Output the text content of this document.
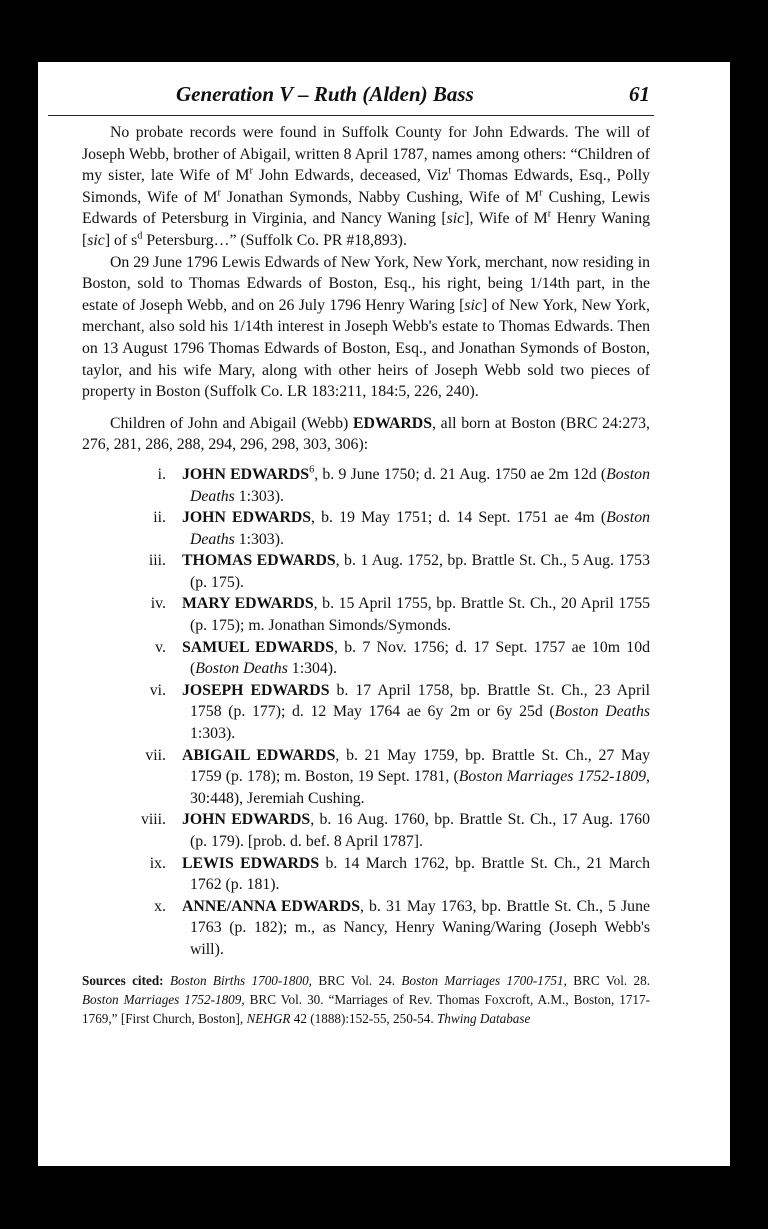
Generation V – Ruth (Alden) Bass	61

No probate records were found in Suffolk County for John Edwards. The will of Joseph Webb, brother of Abigail, written 8 April 1787, names among others: “Children of my sister, late Wife of $M^r$ John Edwards, deceased, Viz$^t$ Thomas Edwards, Esq., Polly Simonds, Wife of $M^r$ Jonathan Symonds, Nabby Cushing, Wife of $M^r$ Cushing, Lewis Edwards of Petersburg in Virginia, and Nancy Waning [sic], Wife of $M^r$ Henry Waning [sic] of $s^d$ Petersburg…” (Suffolk Co. PR #18,893).

On 29 June 1796 Lewis Edwards of New York, New York, merchant, now residing in Boston, sold to Thomas Edwards of Boston, Esq., his right, being 1/14th part, in the estate of Joseph Webb, and on 26 July 1796 Henry Waring [sic] of New York, New York, merchant, also sold his 1/14th interest in Joseph Webb's estate to Thomas Edwards. Then on 13 August 1796 Thomas Edwards of Boston, Esq., and Jonathan Symonds of Boston, taylor, and his wife Mary, along with other heirs of Joseph Webb sold two pieces of property in Boston (Suffolk Co. LR 183:211, 184:5, 226, 240).

Children of John and Abigail (Webb) EDWARDS, all born at Boston (BRC 24:273, 276, 281, 286, 288, 294, 296, 298, 303, 306):

i. JOHN EDWARDS$^6$, b. 9 June 1750; d. 21 Aug. 1750 ae 2m 12d (Boston Deaths 1:303).
ii. JOHN EDWARDS, b. 19 May 1751; d. 14 Sept. 1751 ae 4m (Boston Deaths 1:303).
iii. THOMAS EDWARDS, b. 1 Aug. 1752, bp. Brattle St. Ch., 5 Aug. 1753 (p. 175).
iv. MARY EDWARDS, b. 15 April 1755, bp. Brattle St. Ch., 20 April 1755 (p. 175); m. Jonathan Simonds/Symonds.
v. SAMUEL EDWARDS, b. 7 Nov. 1756; d. 17 Sept. 1757 ae 10m 10d (Boston Deaths 1:304).
vi. JOSEPH EDWARDS b. 17 April 1758, bp. Brattle St. Ch., 23 April 1758 (p. 177); d. 12 May 1764 ae 6y 2m or 6y 25d (Boston Deaths 1:303).
vii. ABIGAIL EDWARDS, b. 21 May 1759, bp. Brattle St. Ch., 27 May 1759 (p. 178); m. Boston, 19 Sept. 1781, (Boston Marriages 1752-1809, 30:448), Jeremiah Cushing.
viii. JOHN EDWARDS, b. 16 Aug. 1760, bp. Brattle St. Ch., 17 Aug. 1760 (p. 179). [prob. d. bef. 8 April 1787].
ix. LEWIS EDWARDS b. 14 March 1762, bp. Brattle St. Ch., 21 March 1762 (p. 181).
x. ANNE/ANNA EDWARDS, b. 31 May 1763, bp. Brattle St. Ch., 5 June 1763 (p. 182); m., as Nancy, Henry Waning/Waring (Joseph Webb's will).
Sources cited: Boston Births 1700-1800, BRC Vol. 24. Boston Marriages 1700-1751, BRC Vol. 28. Boston Marriages 1752-1809, BRC Vol. 30. “Marriages of Rev. Thomas Foxcroft, A.M., Boston, 1717-1769,” [First Church, Boston], NEHGR 42 (1888):152-55, 250-54. Thwing Database
